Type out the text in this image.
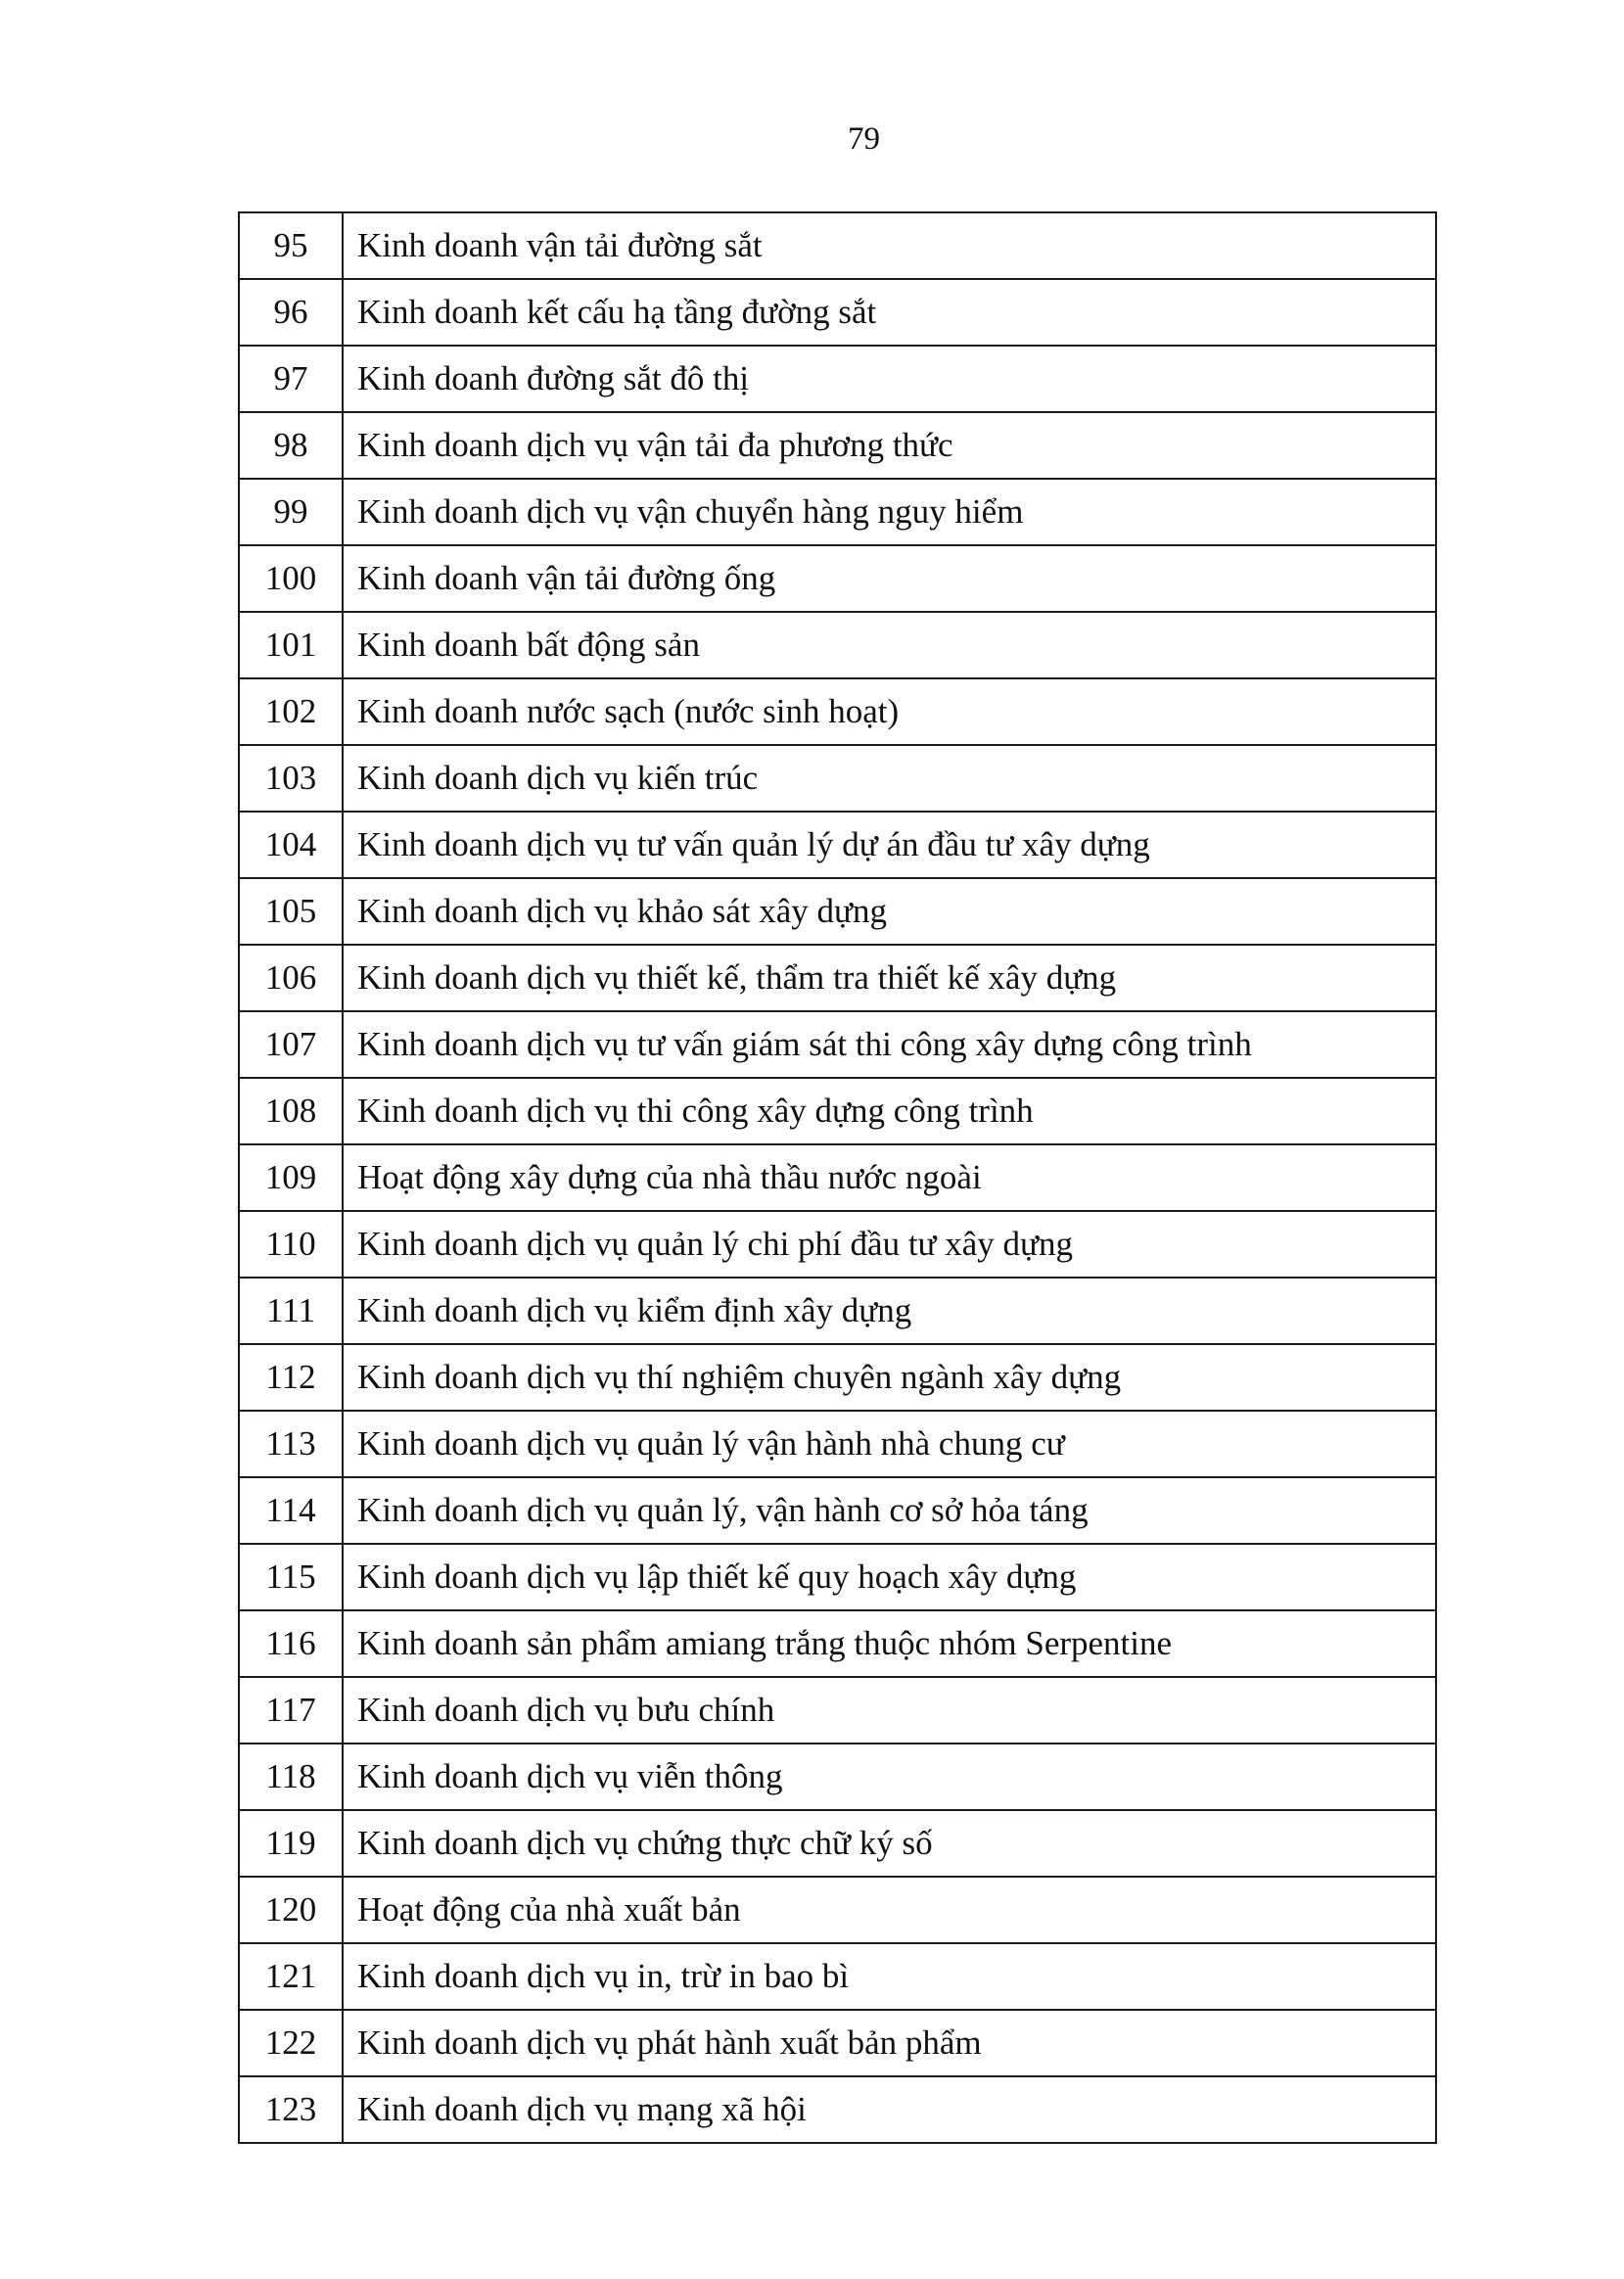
79
95	Kinh doanh vận tải đường sắt
96	Kinh doanh kết cấu hạ tầng đường sắt
97	Kinh doanh đường sắt đô thị
98	Kinh doanh dịch vụ vận tải đa phương thức
99	Kinh doanh dịch vụ vận chuyển hàng nguy hiểm
100	Kinh doanh vận tải đường ống
101	Kinh doanh bất động sản
102	Kinh doanh nước sạch (nước sinh hoạt)
103	Kinh doanh dịch vụ kiến trúc
104	Kinh doanh dịch vụ tư vấn quản lý dự án đầu tư xây dựng
105	Kinh doanh dịch vụ khảo sát xây dựng
106	Kinh doanh dịch vụ thiết kế, thẩm tra thiết kế xây dựng
107	Kinh doanh dịch vụ tư vấn giám sát thi công xây dựng công trình
108	Kinh doanh dịch vụ thi công xây dựng công trình
109	Hoạt động xây dựng của nhà thầu nước ngoài
110	Kinh doanh dịch vụ quản lý chi phí đầu tư xây dựng
111	Kinh doanh dịch vụ kiểm định xây dựng
112	Kinh doanh dịch vụ thí nghiệm chuyên ngành xây dựng
113	Kinh doanh dịch vụ quản lý vận hành nhà chung cư
114	Kinh doanh dịch vụ quản lý, vận hành cơ sở hỏa táng
115	Kinh doanh dịch vụ lập thiết kế quy hoạch xây dựng
116	Kinh doanh sản phẩm amiang trắng thuộc nhóm Serpentine
117	Kinh doanh dịch vụ bưu chính
118	Kinh doanh dịch vụ viễn thông
119	Kinh doanh dịch vụ chứng thực chữ ký số
120	Hoạt động của nhà xuất bản
121	Kinh doanh dịch vụ in, trừ in bao bì
122	Kinh doanh dịch vụ phát hành xuất bản phẩm
123	Kinh doanh dịch vụ mạng xã hội
